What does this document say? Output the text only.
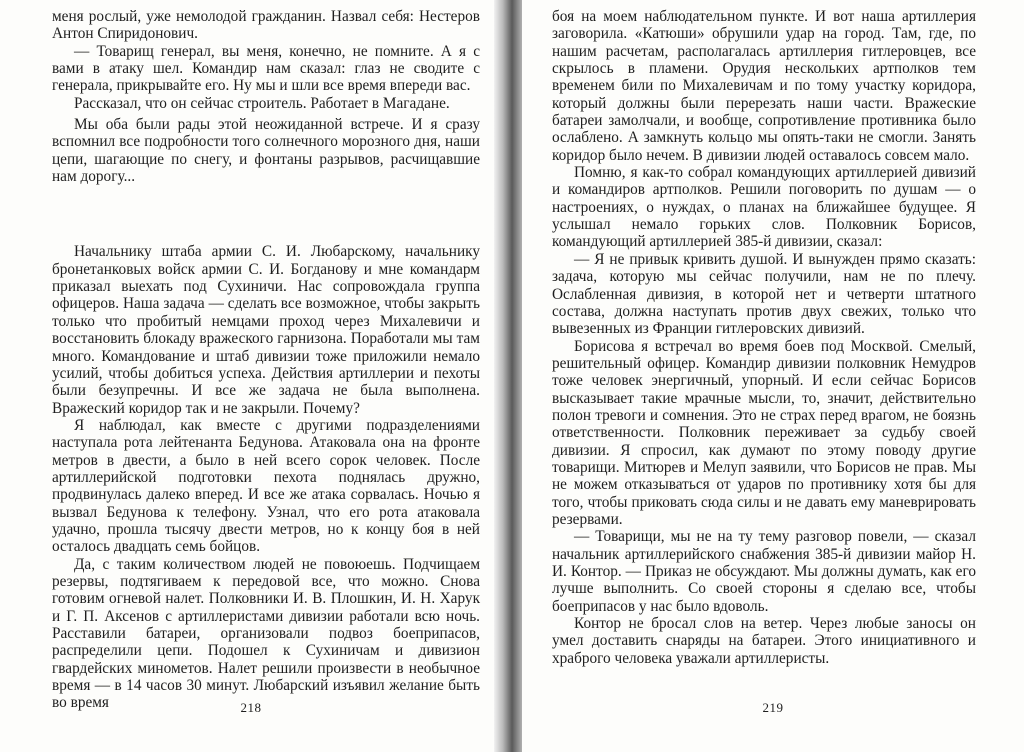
меня рослый, уже немолодой гражданин. Назвал себя: Нестеров Антон Спиридонович.

— Товарищ генерал, вы меня, конечно, не помните. А я с вами в атаку шел. Командир нам сказал: глаз не сводите с генерала, прикрывайте его. Ну мы и шли все время впереди вас.

Рассказал, что он сейчас строитель. Работает в Магадане.

Мы оба были рады этой неожиданной встрече. И я сразу вспомнил все подробности того солнечного морозного дня, наши цепи, шагающие по снегу, и фонтаны разрывов, расчищавшие нам дорогу...

Начальнику штаба армии С. И. Любарскому, начальнику бронетанковых войск армии С. И. Богданову и мне командарм приказал выехать под Сухиничи. Нас сопровождала группа офицеров. Наша задача — сделать все возможное, чтобы закрыть только что пробитый немцами проход через Михалевичи и восстановить блокаду вражеского гарнизона. Поработали мы там много. Командование и штаб дивизии тоже приложили немало усилий, чтобы добиться успеха. Действия артиллерии и пехоты были безупречны. И все же задача не была выполнена. Вражеский коридор так и не закрыли. Почему?

Я наблюдал, как вместе с другими подразделениями наступала рота лейтенанта Бедунова. Атаковала она на фронте метров в двести, а было в ней всего сорок человек. После артиллерийской подготовки пехота поднялась дружно, продвинулась далеко вперед. И все же атака сорвалась. Ночью я вызвал Бедунова к телефону. Узнал, что его рота атаковала удачно, прошла тысячу двести метров, но к концу боя в ней осталось двадцать семь бойцов.

Да, с таким количеством людей не повоюешь. Подчищаем резервы, подтягиваем к передовой все, что можно. Снова готовим огневой налет. Полковники И. В. Плошкин, И. Н. Харук и Г. П. Аксенов с артиллеристами дивизии работали всю ночь. Расставили батареи, организовали подвоз боеприпасов, распределили цепи. Подошел к Сухиничам и дивизион гвардейских минометов. Налет решили произвести в необычное время — в 14 часов 30 минут. Любарский изъявил желание быть во время	218

боя на моем наблюдательном пункте. И вот наша артиллерия заговорила. «Катюши» обрушили удар на город. Там, где, по нашим расчетам, располагалась артиллерия гитлеровцев, все скрылось в пламени. Орудия нескольких артполков тем временем били по Михалевичам и по тому участку коридора, который должны были перерезать наши части. Вражеские батареи замолчали, и вообще, сопротивление противника было ослаблено. А замкнуть кольцо мы опять-таки не смогли. Занять коридор было нечем. В дивизии людей оставалось совсем мало.

Помню, я как-то собрал командующих артиллерией дивизий и командиров артполков. Решили поговорить по душам — о настроениях, о нуждах, о планах на ближайшее будущее. Я услышал немало горьких слов. Полковник Борисов, командующий артиллерией 385-й дивизии, сказал:

— Я не привык кривить душой. И вынужден прямо сказать: задача, которую мы сейчас получили, нам не по плечу. Ослабленная дивизия, в которой нет и четверти штатного состава, должна наступать против двух свежих, только что вывезенных из Франции гитлеровских дивизий.

Борисова я встречал во время боев под Москвой. Смелый, решительный офицер. Командир дивизии полковник Немудров тоже человек энергичный, упорный. И если сейчас Борисов высказывает такие мрачные мысли, то, значит, действительно полон тревоги и сомнения. Это не страх перед врагом, не боязнь ответственности. Полковник переживает за судьбу своей дивизии. Я спросил, как думают по этому поводу другие товарищи. Митюрев и Мелуп заявили, что Борисов не прав. Мы не можем отказываться от ударов по противнику хотя бы для того, чтобы приковать сюда силы и не давать ему маневрировать резервами.

— Товарищи, мы не на ту тему разговор повели, — сказал начальник артиллерийского снабжения 385-й дивизии майор Н. И. Контор. — Приказ не обсуждают. Мы должны думать, как его лучше выполнить. Со своей стороны я сделаю все, чтобы боеприпасов у нас было вдоволь.

Контор не бросал слов на ветер. Через любые заносы он умел доставить снаряды на батареи. Этого инициативного и храброго человека уважали артиллеристы.

219
